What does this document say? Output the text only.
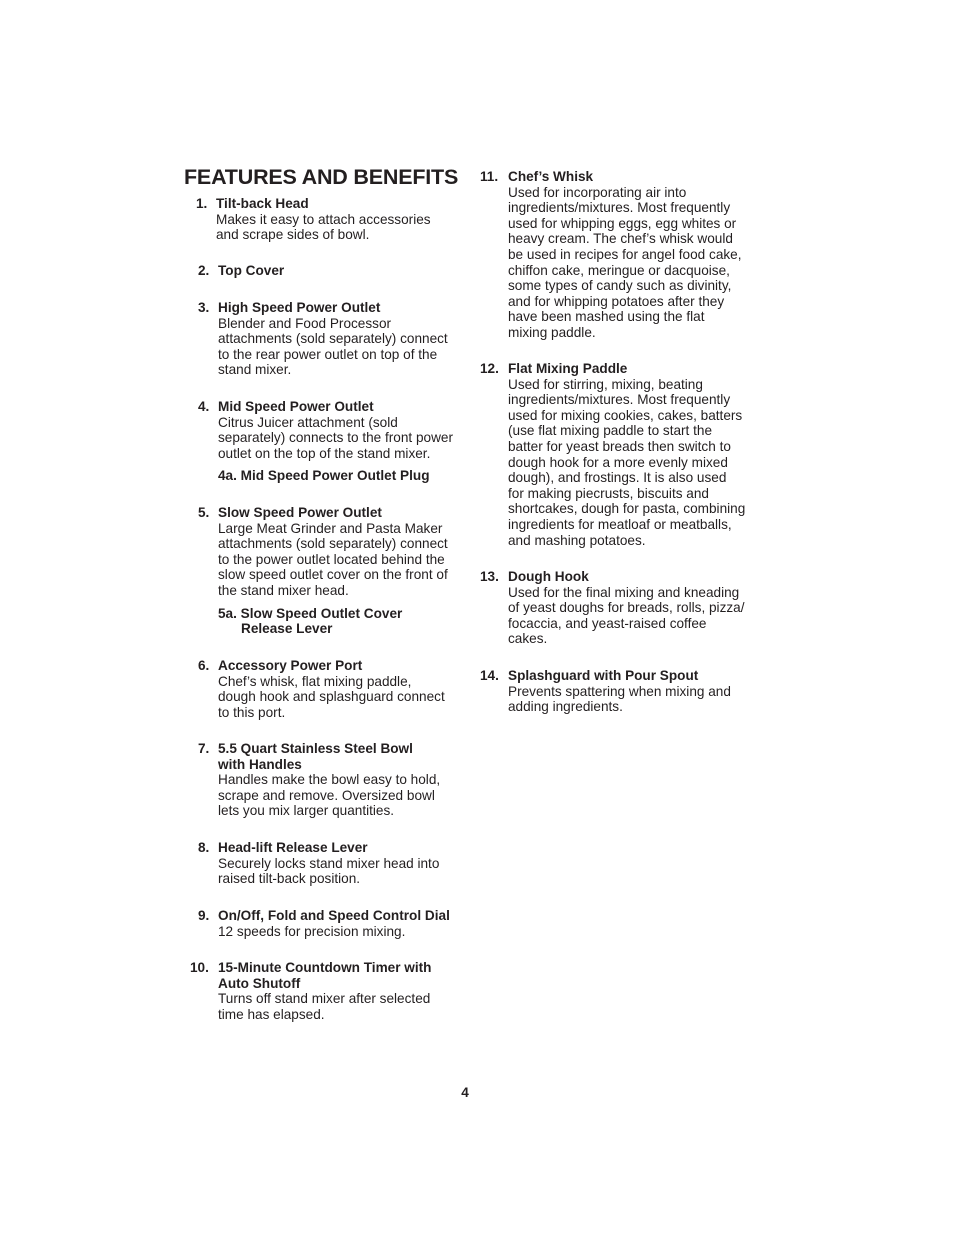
FEATURES AND BENEFITS
1. Tilt-back Head
Makes it easy to attach accessories and scrape sides of bowl.
2. Top Cover
3. High Speed Power Outlet
Blender and Food Processor attachments (sold separately) connect to the rear power outlet on top of the stand mixer.
4. Mid Speed Power Outlet
Citrus Juicer attachment (sold separately) connects to the front power outlet on the top of the stand mixer.
4a. Mid Speed Power Outlet Plug
5. Slow Speed Power Outlet
Large Meat Grinder and Pasta Maker attachments (sold separately) connect to the power outlet located behind the slow speed outlet cover on the front of the stand mixer head.
5a. Slow Speed Outlet Cover Release Lever
6. Accessory Power Port
Chef’s whisk, flat mixing paddle, dough hook and splashguard connect to this port.
7. 5.5 Quart Stainless Steel Bowl with Handles
Handles make the bowl easy to hold, scrape and remove. Oversized bowl lets you mix larger quantities.
8. Head-lift Release Lever
Securely locks stand mixer head into raised tilt-back position.
9. On/Off, Fold and Speed Control Dial
12 speeds for precision mixing.
10. 15-Minute Countdown Timer with Auto Shutoff
Turns off stand mixer after selected time has elapsed.
11. Chef’s Whisk
Used for incorporating air into ingredients/mixtures. Most frequently used for whipping eggs, egg whites or heavy cream. The chef’s whisk would be used in recipes for angel food cake, chiffon cake, meringue or dacquoise, some types of candy such as divinity, and for whipping potatoes after they have been mashed using the flat mixing paddle.
12. Flat Mixing Paddle
Used for stirring, mixing, beating ingredients/mixtures. Most frequently used for mixing cookies, cakes, batters (use flat mixing paddle to start the batter for yeast breads then switch to dough hook for a more evenly mixed dough), and frostings. It is also used for making piecrusts, biscuits and shortcakes, dough for pasta, combining ingredients for meatloaf or meatballs, and mashing potatoes.
13. Dough Hook
Used for the final mixing and kneading of yeast doughs for breads, rolls, pizza/ focaccia, and yeast-raised coffee cakes.
14. Splashguard with Pour Spout
Prevents spattering when mixing and adding ingredients.
4
